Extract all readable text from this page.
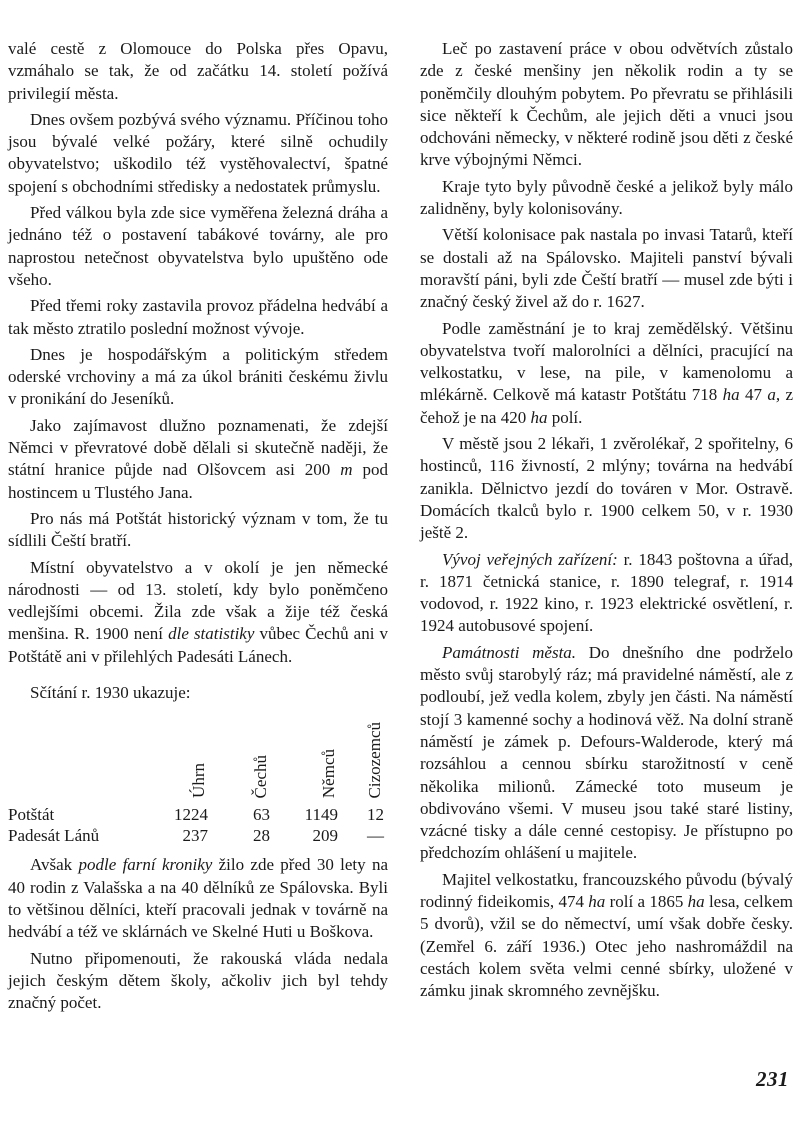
valé cestě z Olomouce do Polska přes Opavu, vzmáhalo se tak, že od začátku 14. století požívá privilegií města.

Dnes ovšem pozbývá svého významu. Příčinou toho jsou bývalé velké požáry, které silně ochudily obyvatelstvo; uškodilo též vystěhovalectví, špatné spojení s obchodními středisky a nedostatek průmyslu.

Před válkou byla zde sice vyměřena železná dráha a jednáno též o postavení tabákové továrny, ale pro naprostou netečnost obyvatelstva bylo upuštěno ode všeho.

Před třemi roky zastavila provoz přádelna hedvábí a tak město ztratilo poslední možnost vývoje.

Dnes je hospodářským a politickým středem oderské vrchoviny a má za úkol brániti českému živlu v pronikání do Jeseníků.

Jako zajímavost dlužno poznamenati, že zdejší Němci v převratové době dělali si skutečně naději, že státní hranice půjde nad Olšovcem asi 200 m pod hostincem u Tlustého Jana.

Pro nás má Potštát historický význam v tom, že tu sídlili Čeští bratří.

Místní obyvatelstvo a v okolí je jen německé národnosti — od 13. století, kdy bylo poněmčeno vedlejšími obcemi. Žila zde však a žije též česká menšina. R. 1900 není dle statistiky vůbec Čechů ani v Potštátě ani v přilehlých Padesáti Lánech.

Sčítání r. 1930 ukazuje:

	Úhrn	Čechů	Němců	Cizozemců
Potštát	1224	63	1149	12
Padesát Lánů	237	28	209	—

Avšak podle farní kroniky žilo zde před 30 lety na 40 rodin z Valašska a na 40 dělníků ze Spálovska. Byli to většinou dělníci, kteří pracovali jednak v továrně na hedvábí a též ve sklárnách ve Skelné Huti u Boškova.

Nutno připomenouti, že rakouská vláda nedala jejich českým dětem školy, ačkoliv jich byl tehdy značný počet.

Leč po zastavení práce v obou odvětvích zůstalo zde z české menšiny jen několik rodin a ty se poněmčily dlouhým pobytem. Po převratu se přihlásili sice někteří k Čechům, ale jejich děti a vnuci jsou odchováni německy, v některé rodině jsou děti z české krve výbojnými Němci.

Kraje tyto byly původně české a jelikož byly málo zalidněny, byly kolonisovány.

Větší kolonisace pak nastala po invasi Tatarů, kteří se dostali až na Spálovsko. Majiteli panství bývali moravští páni, byli zde Čeští bratří — musel zde býti i značný český živel až do r. 1627.

Podle zaměstnání je to kraj zemědělský. Většinu obyvatelstva tvoří malorolníci a dělníci, pracující na velkostatku, v lese, na pile, v kamenolomu a mlékárně. Celkově má katastr Potštátu 718 ha 47 a, z čehož je na 420 ha polí.

V městě jsou 2 lékaři, 1 zvěrolékař, 2 spořitelny, 6 hostinců, 116 živností, 2 mlýny; továrna na hedvábí zanikla. Dělnictvo jezdí do továren v Mor. Ostravě. Domácích tkalců bylo r. 1900 celkem 50, v r. 1930 ještě 2.

Vývoj veřejných zařízení: r. 1843 poštovna a úřad, r. 1871 četnická stanice, r. 1890 telegraf, r. 1914 vodovod, r. 1922 kino, r. 1923 elektrické osvětlení, r. 1924 autobusové spojení.

Památnosti města. Do dnešního dne podrželo město svůj starobylý ráz; má pravidelné náměstí, ale z podloubí, jež vedla kolem, zbyly jen části. Na náměstí stojí 3 kamenné sochy a hodinová věž. Na dolní straně náměstí je zámek p. Defours-Walderode, který má rozsáhlou a cennou sbírku starožitností v ceně několika milionů. Zámecké toto museum je obdivováno všemi. V museu jsou také staré listiny, vzácné tisky a dále cenné cestopisy. Je přístupno po předchozím ohlášení u majitele.

Majitel velkostatku, francouzského původu (bývalý rodinný fideikomis, 474 ha rolí a 1865 ha lesa, celkem 5 dvorů), vžil se do němectví, umí však dobře česky. (Zemřel 6. září 1936.) Otec jeho nashromáždil na cestách kolem světa velmi cenné sbírky, uložené v zámku jinak skromného zevnějšku.

231
